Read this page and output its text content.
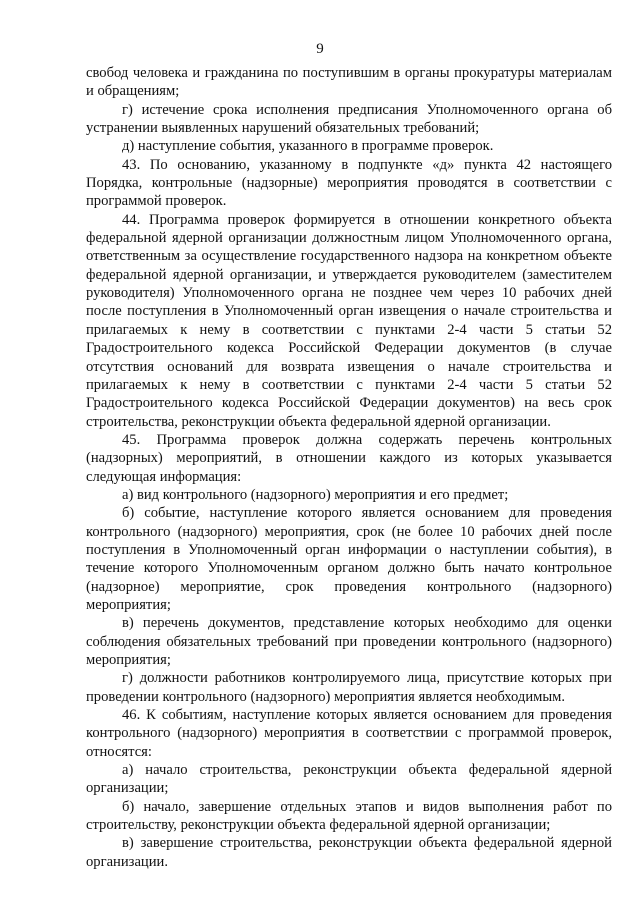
9

свобод человека и гражданина по поступившим в органы прокуратуры материалам и обращениям;

г) истечение срока исполнения предписания Уполномоченного органа об устранении выявленных нарушений обязательных требований;

д) наступление события, указанного в программе проверок.

43. По основанию, указанному в подпункте «д» пункта 42 настоящего Порядка, контрольные (надзорные) мероприятия проводятся в соответствии с программой проверок.

44. Программа проверок формируется в отношении конкретного объекта федеральной ядерной организации должностным лицом Уполномоченного органа, ответственным за осуществление государственного надзора на конкретном объекте федеральной ядерной организации, и утверждается руководителем (заместителем руководителя) Уполномоченного органа не позднее чем через 10 рабочих дней после поступления в Уполномоченный орган извещения о начале строительства и прилагаемых к нему в соответствии с пунктами 2-4 части 5 статьи 52 Градостроительного кодекса Российской Федерации документов (в случае отсутствия оснований для возврата извещения о начале строительства и прилагаемых к нему в соответствии с пунктами 2-4 части 5 статьи 52 Градостроительного кодекса Российской Федерации документов) на весь срок строительства, реконструкции объекта федеральной ядерной организации.

45. Программа проверок должна содержать перечень контрольных (надзорных) мероприятий, в отношении каждого из которых указывается следующая информация:

а) вид контрольного (надзорного) мероприятия и его предмет;

б) событие, наступление которого является основанием для проведения контрольного (надзорного) мероприятия, срок (не более 10 рабочих дней после поступления в Уполномоченный орган информации о наступлении события), в течение которого Уполномоченным органом должно быть начато контрольное (надзорное) мероприятие, срок проведения контрольного (надзорного) мероприятия;

в) перечень документов, представление которых необходимо для оценки соблюдения обязательных требований при проведении контрольного (надзорного) мероприятия;

г) должности работников контролируемого лица, присутствие которых при проведении контрольного (надзорного) мероприятия является необходимым.

46. К событиям, наступление которых является основанием для проведения контрольного (надзорного) мероприятия в соответствии с программой проверок, относятся:

а) начало строительства, реконструкции объекта федеральной ядерной организации;

б) начало, завершение отдельных этапов и видов выполнения работ по строительству, реконструкции объекта федеральной ядерной организации;

в) завершение строительства, реконструкции объекта федеральной ядерной организации.
